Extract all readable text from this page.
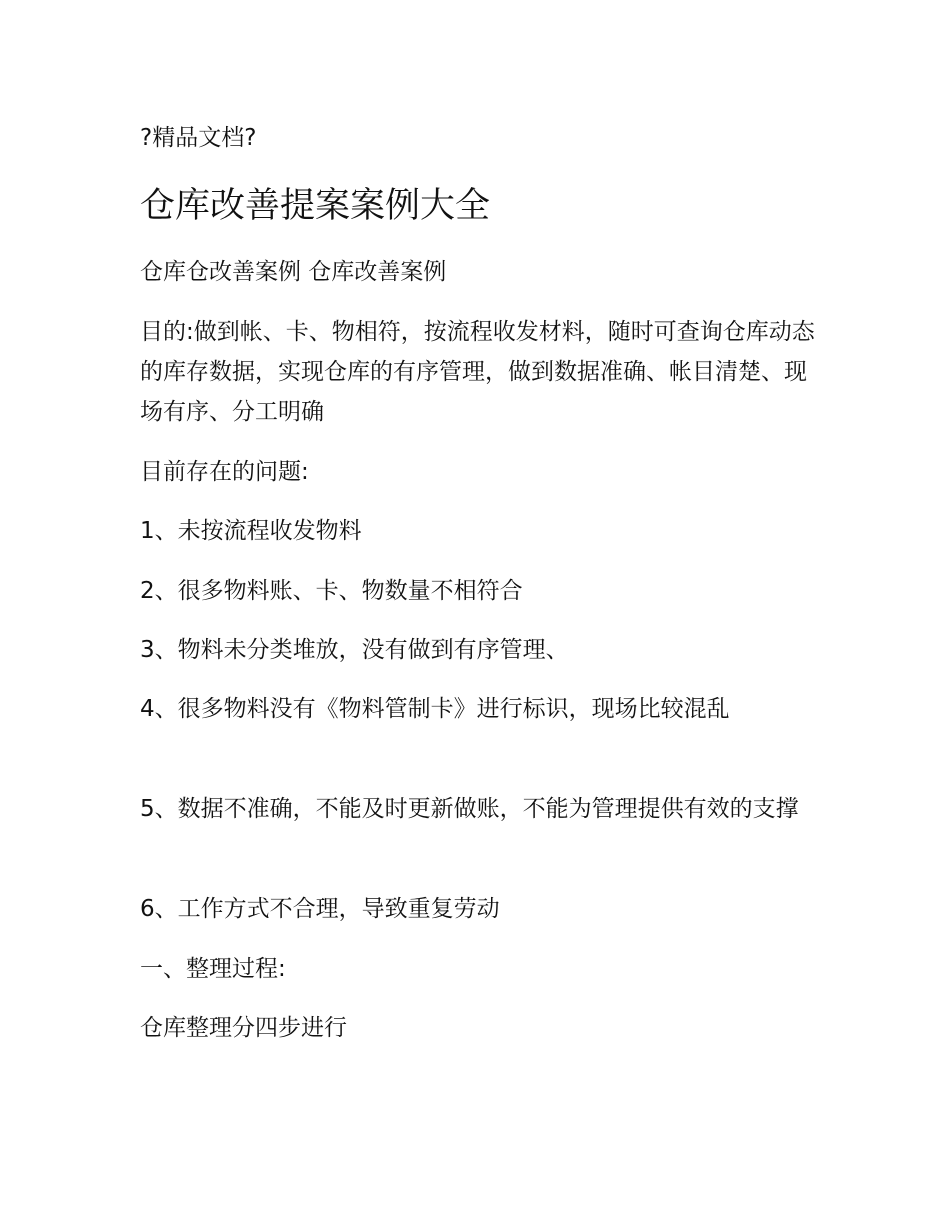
?精品文档?
仓库改善提案案例大全

仓库仓改善案例 仓库改善案例

目的:做到帐、卡、物相符，按流程收发材料，随时可查询仓库动态的库存数据，实现仓库的有序管理，做到数据准确、帐目清楚、现场有序、分工明确

目前存在的问题:

1、未按流程收发物料

2、很多物料账、卡、物数量不相符合

3、物料未分类堆放，没有做到有序管理、

4、很多物料没有《物料管制卡》进行标识，现场比较混乱

5、数据不准确，不能及时更新做账，不能为管理提供有效的支撑

6、工作方式不合理，导致重复劳动

一、整理过程:

仓库整理分四步进行
